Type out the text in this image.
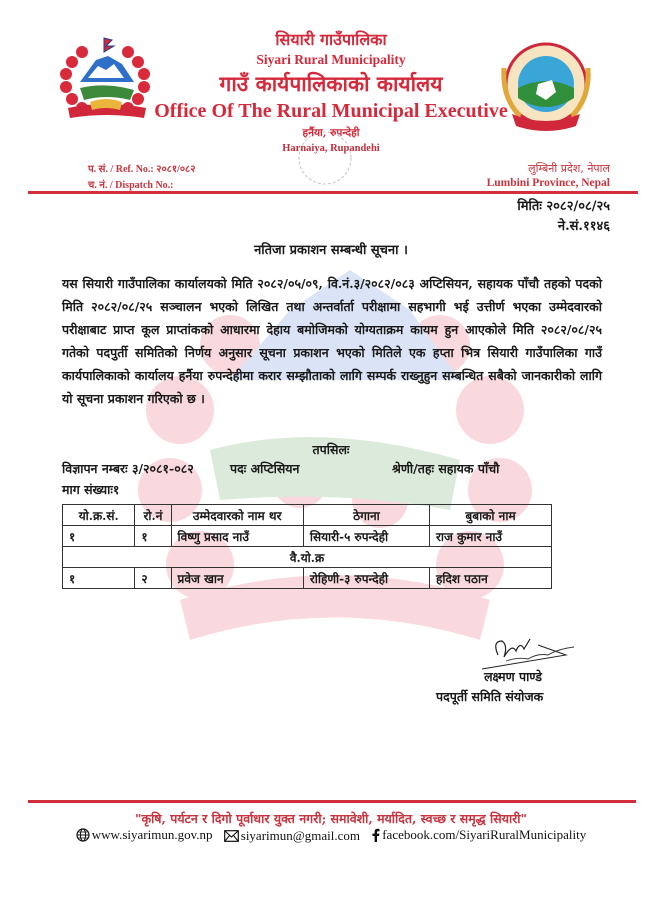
सियारी गाउँपालिका
Siyari Rural Municipality
गाउँ कार्यपालिकाको कार्यालय
Office Of The Rural Municipal Executive
हर्नैया, रुपन्देही
Harnaiya, Rupandehi
प. सं. / Ref. No.: २०८१/०८२
च. नं. / Dispatch No.:
लुम्बिनी प्रदेश, नेपाल
Lumbini Province, Nepal
मितिः २०८२/०८/२५
ने.सं.११४६
नतिजा प्रकाशन सम्बन्धी सूचना ।
यस सियारी गाउँपालिका कार्यालयको मिति २०८२/०५/०९, वि.नं.३/२०८२/०८३ अप्टिसियन, सहायक पाँचौ तहको पदको मिति २०८२/०८/२५ सञ्चालन भएको लिखित तथा अन्तर्वार्ता परीक्षामा सहभागी भई उत्तीर्ण भएका उम्मेदवारको परीक्षाबाट प्राप्त कूल प्राप्तांकको आधारमा देहाय बमोजिमको योग्यताक्रम कायम हुन आएकोले मिति २०८२/०८/२५ गतेको पदपुर्ती समितिको निर्णय अनुसार सूचना प्रकाशन भएको मितिले एक हप्ता भित्र सियारी गाउँपालिका गाउँ कार्यपालिकाको कार्यालय हर्नैया रुपन्देहीमा करार सम्झौताको लागि सम्पर्क राख्नुहुन सम्बन्धित सबैको जानकारीको लागि यो सूचना प्रकाशन गरिएको छ ।
तपसिलः
विज्ञापन नम्बरः ३/२०८१-०८२	पदः अप्टिसियन	श्रेणी/तहः सहायक पाँचौ
माग संख्याः१
यो.क्र.सं.	रो.नं	उम्मेदवारको नाम थर	ठेगाना	बुबाको नाम
१	१	विष्णु प्रसाद नाउँ	सियारी-५ रुपन्देही	राज कुमार नाउँ
वै.यो.क्र				
१	२	प्रवेज खान	रोहिणी-३ रुपन्देही	हदिश पठान
लक्ष्मण पाण्डे
पदपूर्ती समिति संयोजक
"कृषि, पर्यटन र दिगो पूर्वाधार युक्त नगरी; समावेशी, मर्यादित, स्वच्छ र समृद्ध सियारी"
www.siyarimun.gov.np
siyarimun@gmail.com
facebook.com/SiyariRuralMunicipality
